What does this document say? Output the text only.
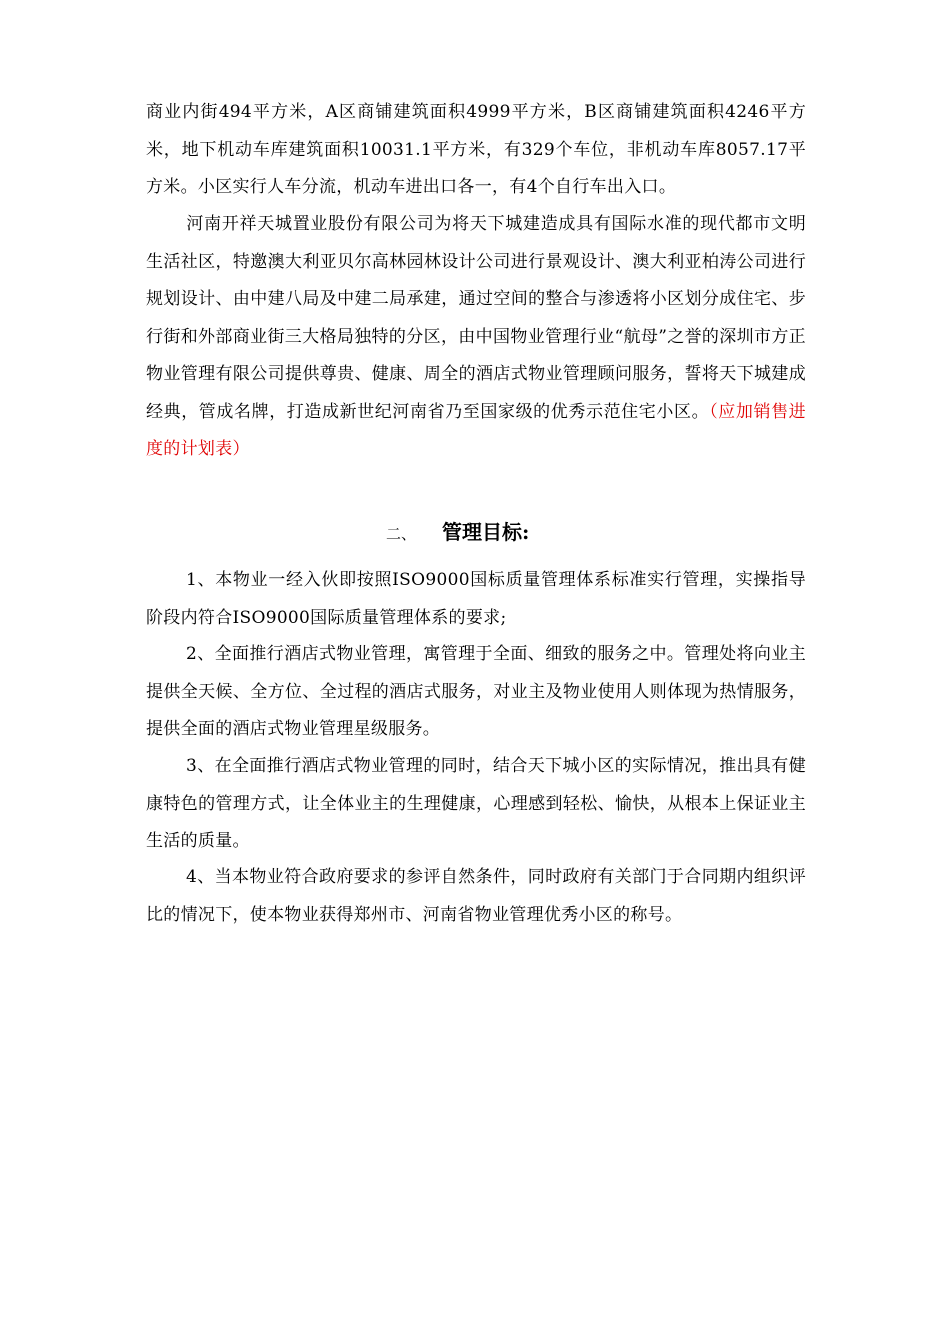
商业内街494平方米，A区商铺建筑面积4999平方米，B区商铺建筑面积4246平方米，地下机动车库建筑面积10031.1平方米，有329个车位，非机动车库8057.17平方米。小区实行人车分流，机动车进出口各一，有4个自行车出入口。

河南开祥天城置业股份有限公司为将天下城建造成具有国际水准的现代都市文明生活社区，特邀澳大利亚贝尔高林园林设计公司进行景观设计、澳大利亚柏涛公司进行规划设计、由中建八局及中建二局承建，通过空间的整合与渗透将小区划分成住宅、步行街和外部商业街三大格局独特的分区，由中国物业管理行业“航母”之誉的深圳市方正物业管理有限公司提供尊贵、健康、周全的酒店式物业管理顾问服务，誓将天下城建成经典，管成名牌，打造成新世纪河南省乃至国家级的优秀示范住宅小区。（应加销售进度的计划表）

二、 管理目标:

1、本物业一经入伙即按照ISO9000国标质量管理体系标准实行管理，实操指导阶段内符合ISO9000国际质量管理体系的要求;

2、全面推行酒店式物业管理，寓管理于全面、细致的服务之中。管理处将向业主提供全天候、全方位、全过程的酒店式服务，对业主及物业使用人则体现为热情服务，提供全面的酒店式物业管理星级服务。

3、在全面推行酒店式物业管理的同时，结合天下城小区的实际情况，推出具有健康特色的管理方式，让全体业主的生理健康，心理感到轻松、愉快，从根本上保证业主生活的质量。

4、当本物业符合政府要求的参评自然条件，同时政府有关部门于合同期内组织评比的情况下，使本物业获得郑州市、河南省物业管理优秀小区的称号。
